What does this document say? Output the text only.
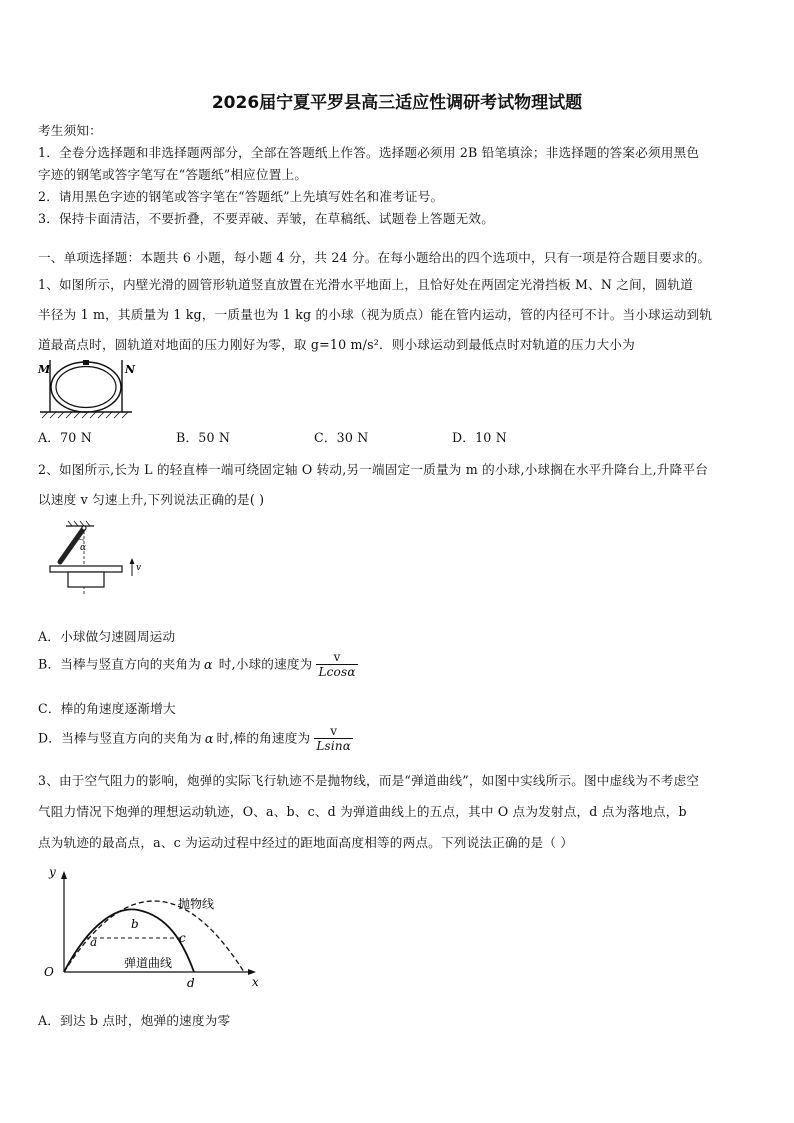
2026届宁夏平罗县高三适应性调研考试物理试题
考生须知：
1．全卷分选择题和非选择题两部分，全部在答题纸上作答。选择题必须用 2B 铅笔填涂；非选择题的答案必须用黑色
字迹的钢笔或答字笔写在“答题纸”相应位置上。
2．请用黑色字迹的钢笔或答字笔在“答题纸”上先填写姓名和准考证号。
3．保持卡面清洁，不要折叠，不要弄破、弄皱，在草稿纸、试题卷上答题无效。
一、单项选择题：本题共 6 小题，每小题 4 分，共 24 分。在每小题给出的四个选项中，只有一项是符合题目要求的。
1、如图所示，内壁光滑的圆管形轨道竖直放置在光滑水平地面上，且恰好处在两固定光滑挡板 M、N 之间，圆轨道
半径为 1 m，其质量为 1 kg，一质量也为 1 kg 的小球（视为质点）能在管内运动，管的内径可不计。当小球运动到轨
道最高点时，圆轨道对地面的压力刚好为零，取 g=10 m/s²．则小球运动到最低点时对轨道的压力大小为
M	N
A．70 N	B．50 N	C．30 N	D．10 N
2、如图所示,长为 L 的轻直棒一端可绕固定轴 O 转动,另一端固定一质量为 m 的小球,小球搁在水平升降台上,升降平台
以速度 v 匀速上升,下列说法正确的是( )
α
v
A．小球做匀速圆周运动
B．当棒与竖直方向的夹角为 α 时,小球的速度为 $\frac{v}{Lcos\alpha}$
C．棒的角速度逐渐增大
D．当棒与竖直方向的夹角为 α 时,棒的角速度为 $\frac{v}{Lsin\alpha}$
3、由于空气阻力的影响，炮弹的实际飞行轨迹不是抛物线，而是“弹道曲线”，如图中实线所示。图中虚线为不考虑空
气阻力情况下炮弹的理想运动轨迹，O、a、b、c、d 为弹道曲线上的五点，其中 O 点为发射点，d 点为落地点，b
点为轨迹的最高点，a、c 为运动过程中经过的距地面高度相等的两点。下列说法正确的是（ ）
y
x
O
a
b
c
d
抛物线
弹道曲线
A．到达 b 点时，炮弹的速度为零
